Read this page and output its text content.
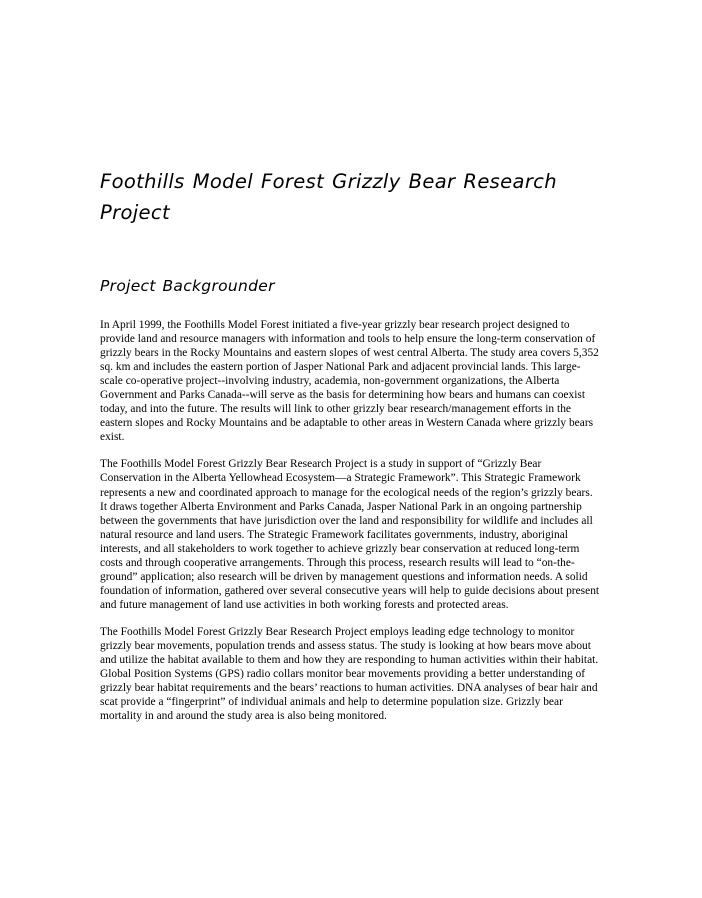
Foothills Model Forest Grizzly Bear Research Project
Project Backgrounder

In April 1999, the Foothills Model Forest initiated a five-year grizzly bear research project designed to provide land and resource managers with information and tools to help ensure the long-term conservation of grizzly bears in the Rocky Mountains and eastern slopes of west central Alberta. The study area covers 5,352 sq. km and includes the eastern portion of Jasper National Park and adjacent provincial lands. This large-scale co-operative project--involving industry, academia, non-government organizations, the Alberta Government and Parks Canada--will serve as the basis for determining how bears and humans can coexist today, and into the future. The results will link to other grizzly bear research/management efforts in the eastern slopes and Rocky Mountains and be adaptable to other areas in Western Canada where grizzly bears exist.

The Foothills Model Forest Grizzly Bear Research Project is a study in support of “Grizzly Bear Conservation in the Alberta Yellowhead Ecosystem—a Strategic Framework”. This Strategic Framework represents a new and coordinated approach to manage for the ecological needs of the region’s grizzly bears. It draws together Alberta Environment and Parks Canada, Jasper National Park in an ongoing partnership between the governments that have jurisdiction over the land and responsibility for wildlife and includes all natural resource and land users. The Strategic Framework facilitates governments, industry, aboriginal interests, and all stakeholders to work together to achieve grizzly bear conservation at reduced long-term costs and through cooperative arrangements. Through this process, research results will lead to “on-the-ground” application; also research will be driven by management questions and information needs. A solid foundation of information, gathered over several consecutive years will help to guide decisions about present and future management of land use activities in both working forests and protected areas.

The Foothills Model Forest Grizzly Bear Research Project employs leading edge technology to monitor grizzly bear movements, population trends and assess status. The study is looking at how bears move about and utilize the habitat available to them and how they are responding to human activities within their habitat. Global Position Systems (GPS) radio collars monitor bear movements providing a better understanding of grizzly bear habitat requirements and the bears’ reactions to human activities. DNA analyses of bear hair and scat provide a “fingerprint” of individual animals and help to determine population size. Grizzly bear mortality in and around the study area is also being monitored.
